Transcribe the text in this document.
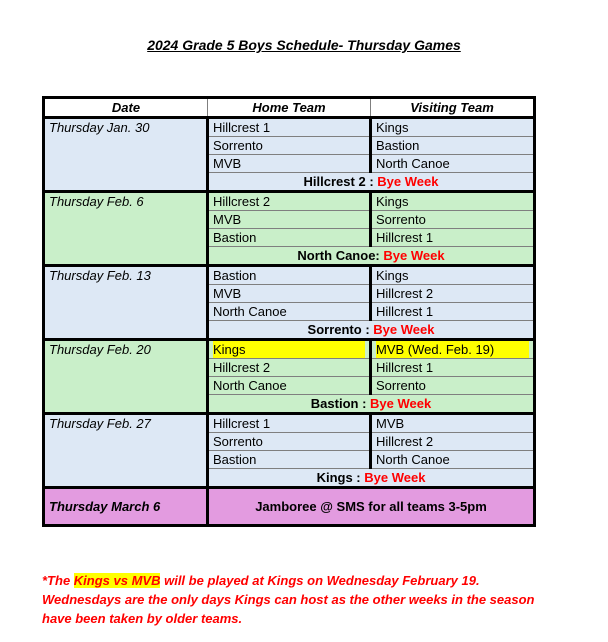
2024 Grade 5 Boys Schedule- Thursday Games
Date	Home Team	Visiting Team
Thursday Jan. 30	Hillcrest 1	Kings
	Sorrento	Bastion
	MVB	North Canoe
	Hillcrest 2 : Bye Week	
Thursday Feb. 6	Hillcrest 2	Kings
	MVB	Sorrento
	Bastion	Hillcrest 1
	North Canoe: Bye Week	
Thursday Feb. 13	Bastion	Kings
	MVB	Hillcrest 2
	North Canoe	Hillcrest 1
	Sorrento : Bye Week	
Thursday Feb. 20	Kings	MVB (Wed. Feb. 19)
	Hillcrest 2	Hillcrest 1
	North Canoe	Sorrento
	Bastion : Bye Week	
Thursday Feb. 27	Hillcrest 1	MVB
	Sorrento	Hillcrest 2
	Bastion	North Canoe
	Kings : Bye Week	
Thursday March 6	Jamboree @ SMS for all teams 3-5pm	
*The Kings vs MVB will be played at Kings on Wednesday February 19. Wednesdays are the only days Kings can host as the other weeks in the season have been taken by older teams.
